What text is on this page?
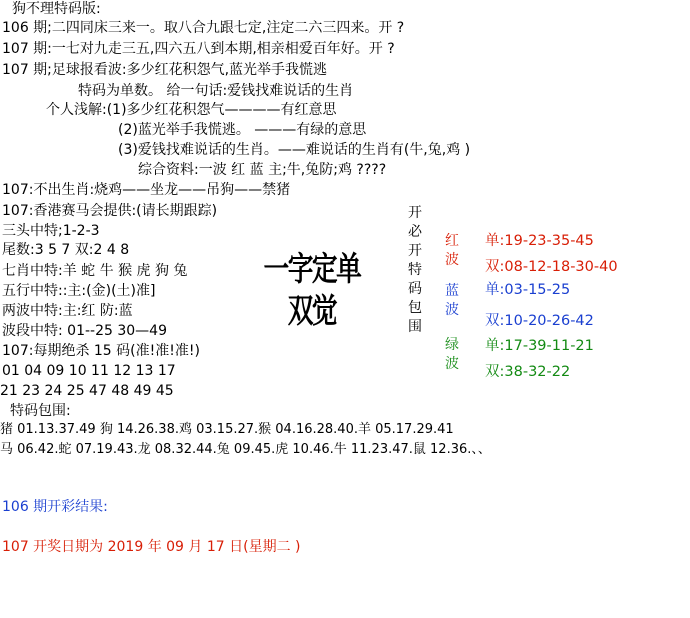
狗不理特码版:
106 期;二四同床三来一。取八合九跟七定,注定二六三四来。开 ?
107 期:一七对九走三五,四六五八到本期,相亲相爱百年好。开 ?
107 期;足球报看波:多少红花积怨气,蓝光举手我慌逃
特码为单数。 给一句话:爱钱找难说话的生肖
个人浅解:(1)多少红花积怨气————有红意思
(2)蓝光举手我慌逃。 ———有绿的意思
(3)爱钱找难说话的生肖。——难说话的生肖有(牛,兔,鸡 )
综合资料:一波 红 蓝 主;牛,兔防;鸡 ????
107:不出生肖:烧鸡——坐龙——吊狗——禁猪
107:香港赛马会提供:(请长期跟踪)
三头中特;1-2-3
尾数:3 5 7 双:2 4 8
七肖中特:羊 蛇 牛 猴 虎 狗 兔
五行中特::主:(金)(土)准]
两波中特:主:红 防:蓝
波段中特: 01--25 30—49
107:每期绝杀 15 码(准!准!准!)
01 04 09 10 11 12 13 17
21 23 24 25 47 48 49 45
特码包围:
猪 01.13.37.49 狗 14.26.38.鸡 03.15.27.猴 04.16.28.40.羊 05.17.29.41
马 06.42.蛇 07.19.43.龙 08.32.44.兔 09.45.虎 10.46.牛 11.23.47.鼠 12.36.、、
开必开特码包围
一字定单双觉
红波
蓝波
绿波
单:19-23-35-45
双:08-12-18-30-40
单:03-15-25
双:10-20-26-42
单:17-39-11-21
双:38-32-22
106 期开彩结果:
107 开奖日期为 2019 年 09 月 17 日(星期二 )
